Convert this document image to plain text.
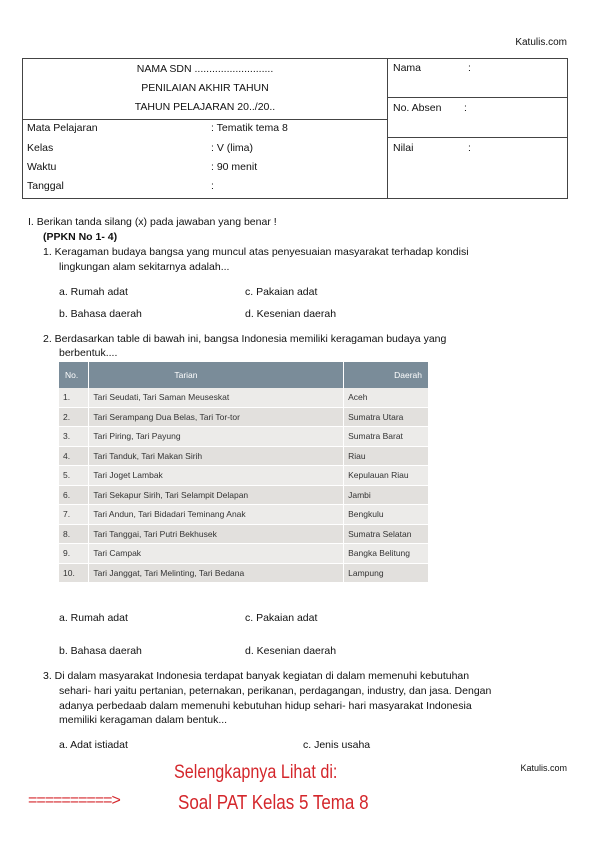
Katulis.com
NAMA SDN ...........................
PENILAIAN AKHIR TAHUN
TAHUN PELAJARAN 20../20..
Mata Pelajaran	: Tematik tema 8
Kelas	: V (lima)
Waktu	: 90 menit
Tanggal	:
Nama	:
No. Absen :
Nilai	:
I. Berikan tanda silang (x) pada jawaban yang benar !
(PPKN No 1- 4)
1. Keragaman budaya bangsa yang muncul atas penyesuaian masyarakat terhadap kondisi
lingkungan alam sekitarnya adalah...
a. Rumah adat	c. Pakaian adat
b. Bahasa daerah	d. Kesenian daerah
2. Berdasarkan table di bawah ini, bangsa Indonesia memiliki keragaman budaya yang
berbentuk....
No.	Tarian	Daerah
1.	Tari Seudati, Tari Saman Meuseskat	Aceh
2.	Tari Serampang Dua Belas, Tari Tor-tor	Sumatra Utara
3.	Tari Piring, Tari Payung	Sumatra Barat
4.	Tari Tanduk, Tari Makan Sirih	Riau
5.	Tari Joget Lambak	Kepulauan Riau
6.	Tari Sekapur Sirih, Tari Selampit Delapan	Jambi
7.	Tari Andun, Tari Bidadari Teminang Anak	Bengkulu
8.	Tari Tanggai, Tari Putri Bekhusek	Sumatra Selatan
9.	Tari Campak	Bangka Belitung
10.	Tari Janggat, Tari Melinting, Tari Bedana	Lampung
a. Rumah adat	c. Pakaian adat
b. Bahasa daerah	d. Kesenian daerah
3. Di dalam masyarakat Indonesia terdapat banyak kegiatan di dalam memenuhi kebutuhan
sehari- hari yaitu pertanian, peternakan, perikanan, perdagangan, industry, dan jasa. Dengan
adanya perbedaab dalam memenuhi kebutuhan hidup sehari- hari masyarakat Indonesia
memiliki keragaman dalam bentuk...
a. Adat istiadat	c. Jenis usaha
Katulis.com
Selengkapnya Lihat di:
==========>	Soal PAT Kelas 5 Tema 8
